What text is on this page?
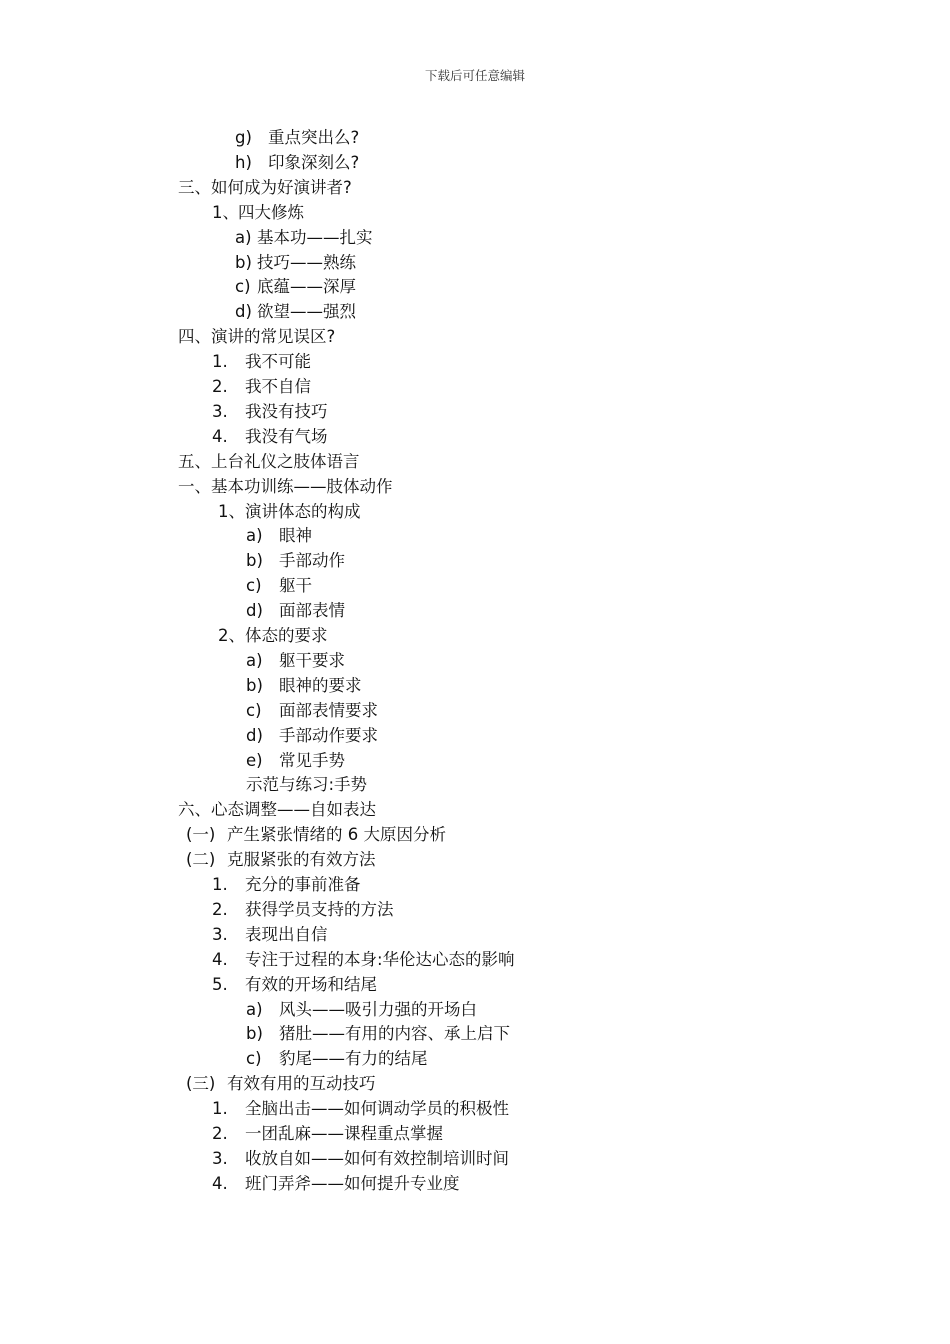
下载后可任意编辑
g) 重点突出么?
h) 印象深刻么?
三、如何成为好演讲者?
1、四大修炼
a) 基本功——扎实
b) 技巧——熟练
c) 底蕴——深厚
d) 欲望——强烈
四、演讲的常见误区?
1. 我不可能
2. 我不自信
3. 我没有技巧
4. 我没有气场
五、上台礼仪之肢体语言
一、基本功训练——肢体动作
1、演讲体态的构成
a) 眼神
b) 手部动作
c) 躯干
d) 面部表情
2、体态的要求
a) 躯干要求
b) 眼神的要求
c) 面部表情要求
d) 手部动作要求
e) 常见手势
示范与练习:手势
六、心态调整——自如表达
(一) 产生紧张情绪的 6 大原因分析
(二) 克服紧张的有效方法
1. 充分的事前准备
2. 获得学员支持的方法
3. 表现出自信
4. 专注于过程的本身:华伦达心态的影响
5. 有效的开场和结尾
a) 风头——吸引力强的开场白
b) 猪肚——有用的内容、承上启下
c) 豹尾——有力的结尾
(三) 有效有用的互动技巧
1. 全脑出击——如何调动学员的积极性
2. 一团乱麻——课程重点掌握
3. 收放自如——如何有效控制培训时间
4. 班门弄斧——如何提升专业度
